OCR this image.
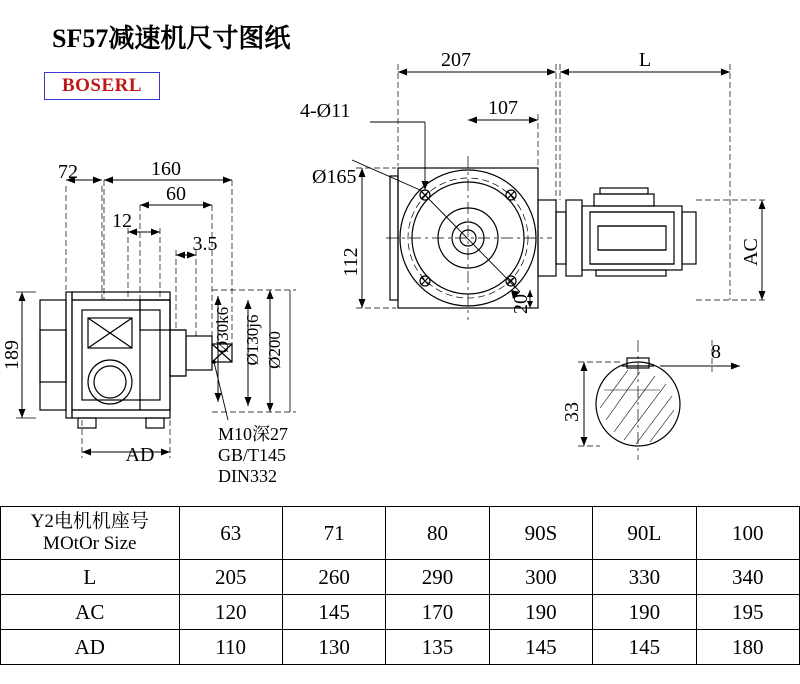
SF57减速机尺寸图纸
BOSERL
207	L
4-Ø11	107
Ø165
72	160
60
12
3.5
AD
8
189
112
20
AC
33
Ø30k6 Ø130j6 Ø200
M10深27
GB/T145
DIN332
Y2电机机座号
MOtOr Size	63	71	80	90S	90L	100
L	205	260	290	300	330	340
AC	120	145	170	190	190	195
AD	110	130	135	145	145	180
